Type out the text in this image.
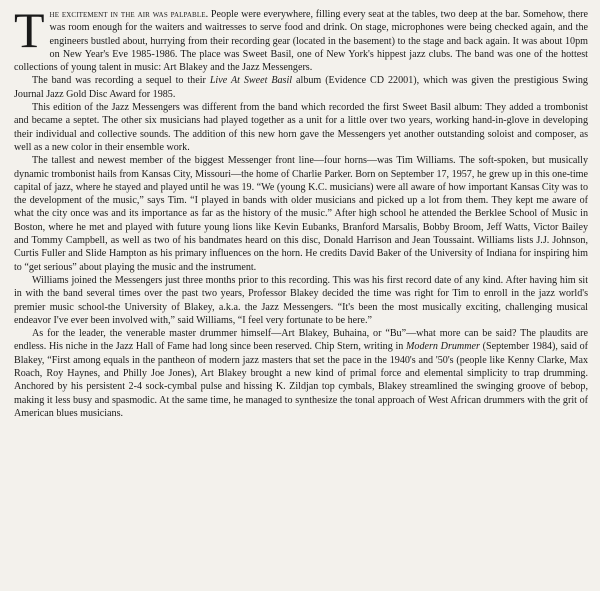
The excitement in the air was palpable. People were everywhere, filling every seat at the tables, two deep at the bar. Somehow, there was room enough for the waiters and waitresses to serve food and drink. On stage, microphones were being checked again, and the engineers bustled about, hurrying from their recording gear (located in the basement) to the stage and back again. It was about 10pm on New Year's Eve 1985-1986. The place was Sweet Basil, one of New York's hippest jazz clubs. The band was one of the hottest collections of young talent in music: Art Blakey and the Jazz Messengers.

The band was recording a sequel to their Live At Sweet Basil album (Evidence CD 22001), which was given the prestigious Swing Journal Jazz Gold Disc Award for 1985.

This edition of the Jazz Messengers was different from the band which recorded the first Sweet Basil album: They added a trombonist and became a septet. The other six musicians had played together as a unit for a little over two years, working hand-in-glove in developing their individual and collective sounds. The addition of this new horn gave the Messengers yet another outstanding soloist and composer, as well as a new color in their ensemble work.

The tallest and newest member of the biggest Messenger front line—four horns—was Tim Williams. The soft-spoken, but musically dynamic trombonist hails from Kansas City, Missouri—the home of Charlie Parker. Born on September 17, 1957, he grew up in this one-time capital of jazz, where he stayed and played until he was 19. “We (young K.C. musicians) were all aware of how important Kansas City was to the development of the music,” says Tim. “I played in bands with older musicians and picked up a lot from them. They kept me aware of what the city once was and its importance as far as the history of the music.” After high school he attended the Berklee School of Music in Boston, where he met and played with future young lions like Kevin Eubanks, Branford Marsalis, Bobby Broom, Jeff Watts, Victor Bailey and Tommy Campbell, as well as two of his bandmates heard on this disc, Donald Harrison and Jean Toussaint. Williams lists J.J. Johnson, Curtis Fuller and Slide Hampton as his primary influences on the horn. He credits David Baker of the University of Indiana for inspiring him to “get serious” about playing the music and the instrument.

Williams joined the Messengers just three months prior to this recording. This was his first record date of any kind. After having him sit in with the band several times over the past two years, Professor Blakey decided the time was right for Tim to enroll in the jazz world's premier music school-the University of Blakey, a.k.a. the Jazz Messengers. “It's been the most musically exciting, challenging musical endeavor I've ever been involved with,” said Williams, “I feel very fortunate to be here.”

As for the leader, the venerable master drummer himself—Art Blakey, Buhaina, or “Bu”—what more can be said? The plaudits are endless. His niche in the Jazz Hall of Fame had long since been reserved. Chip Stern, writing in Modern Drummer (September 1984), said of Blakey, “First among equals in the pantheon of modern jazz masters that set the pace in the 1940's and '50's (people like Kenny Clarke, Max Roach, Roy Haynes, and Philly Joe Jones), Art Blakey brought a new kind of primal force and elemental simplicity to trap drumming. Anchored by his persistent 2-4 sock-cymbal pulse and hissing K. Zildjan top cymbals, Blakey streamlined the swinging groove of bebop, making it less busy and spasmodic. At the same time, he managed to synthesize the tonal approach of West African drummers with the grit of American blues musicians.
